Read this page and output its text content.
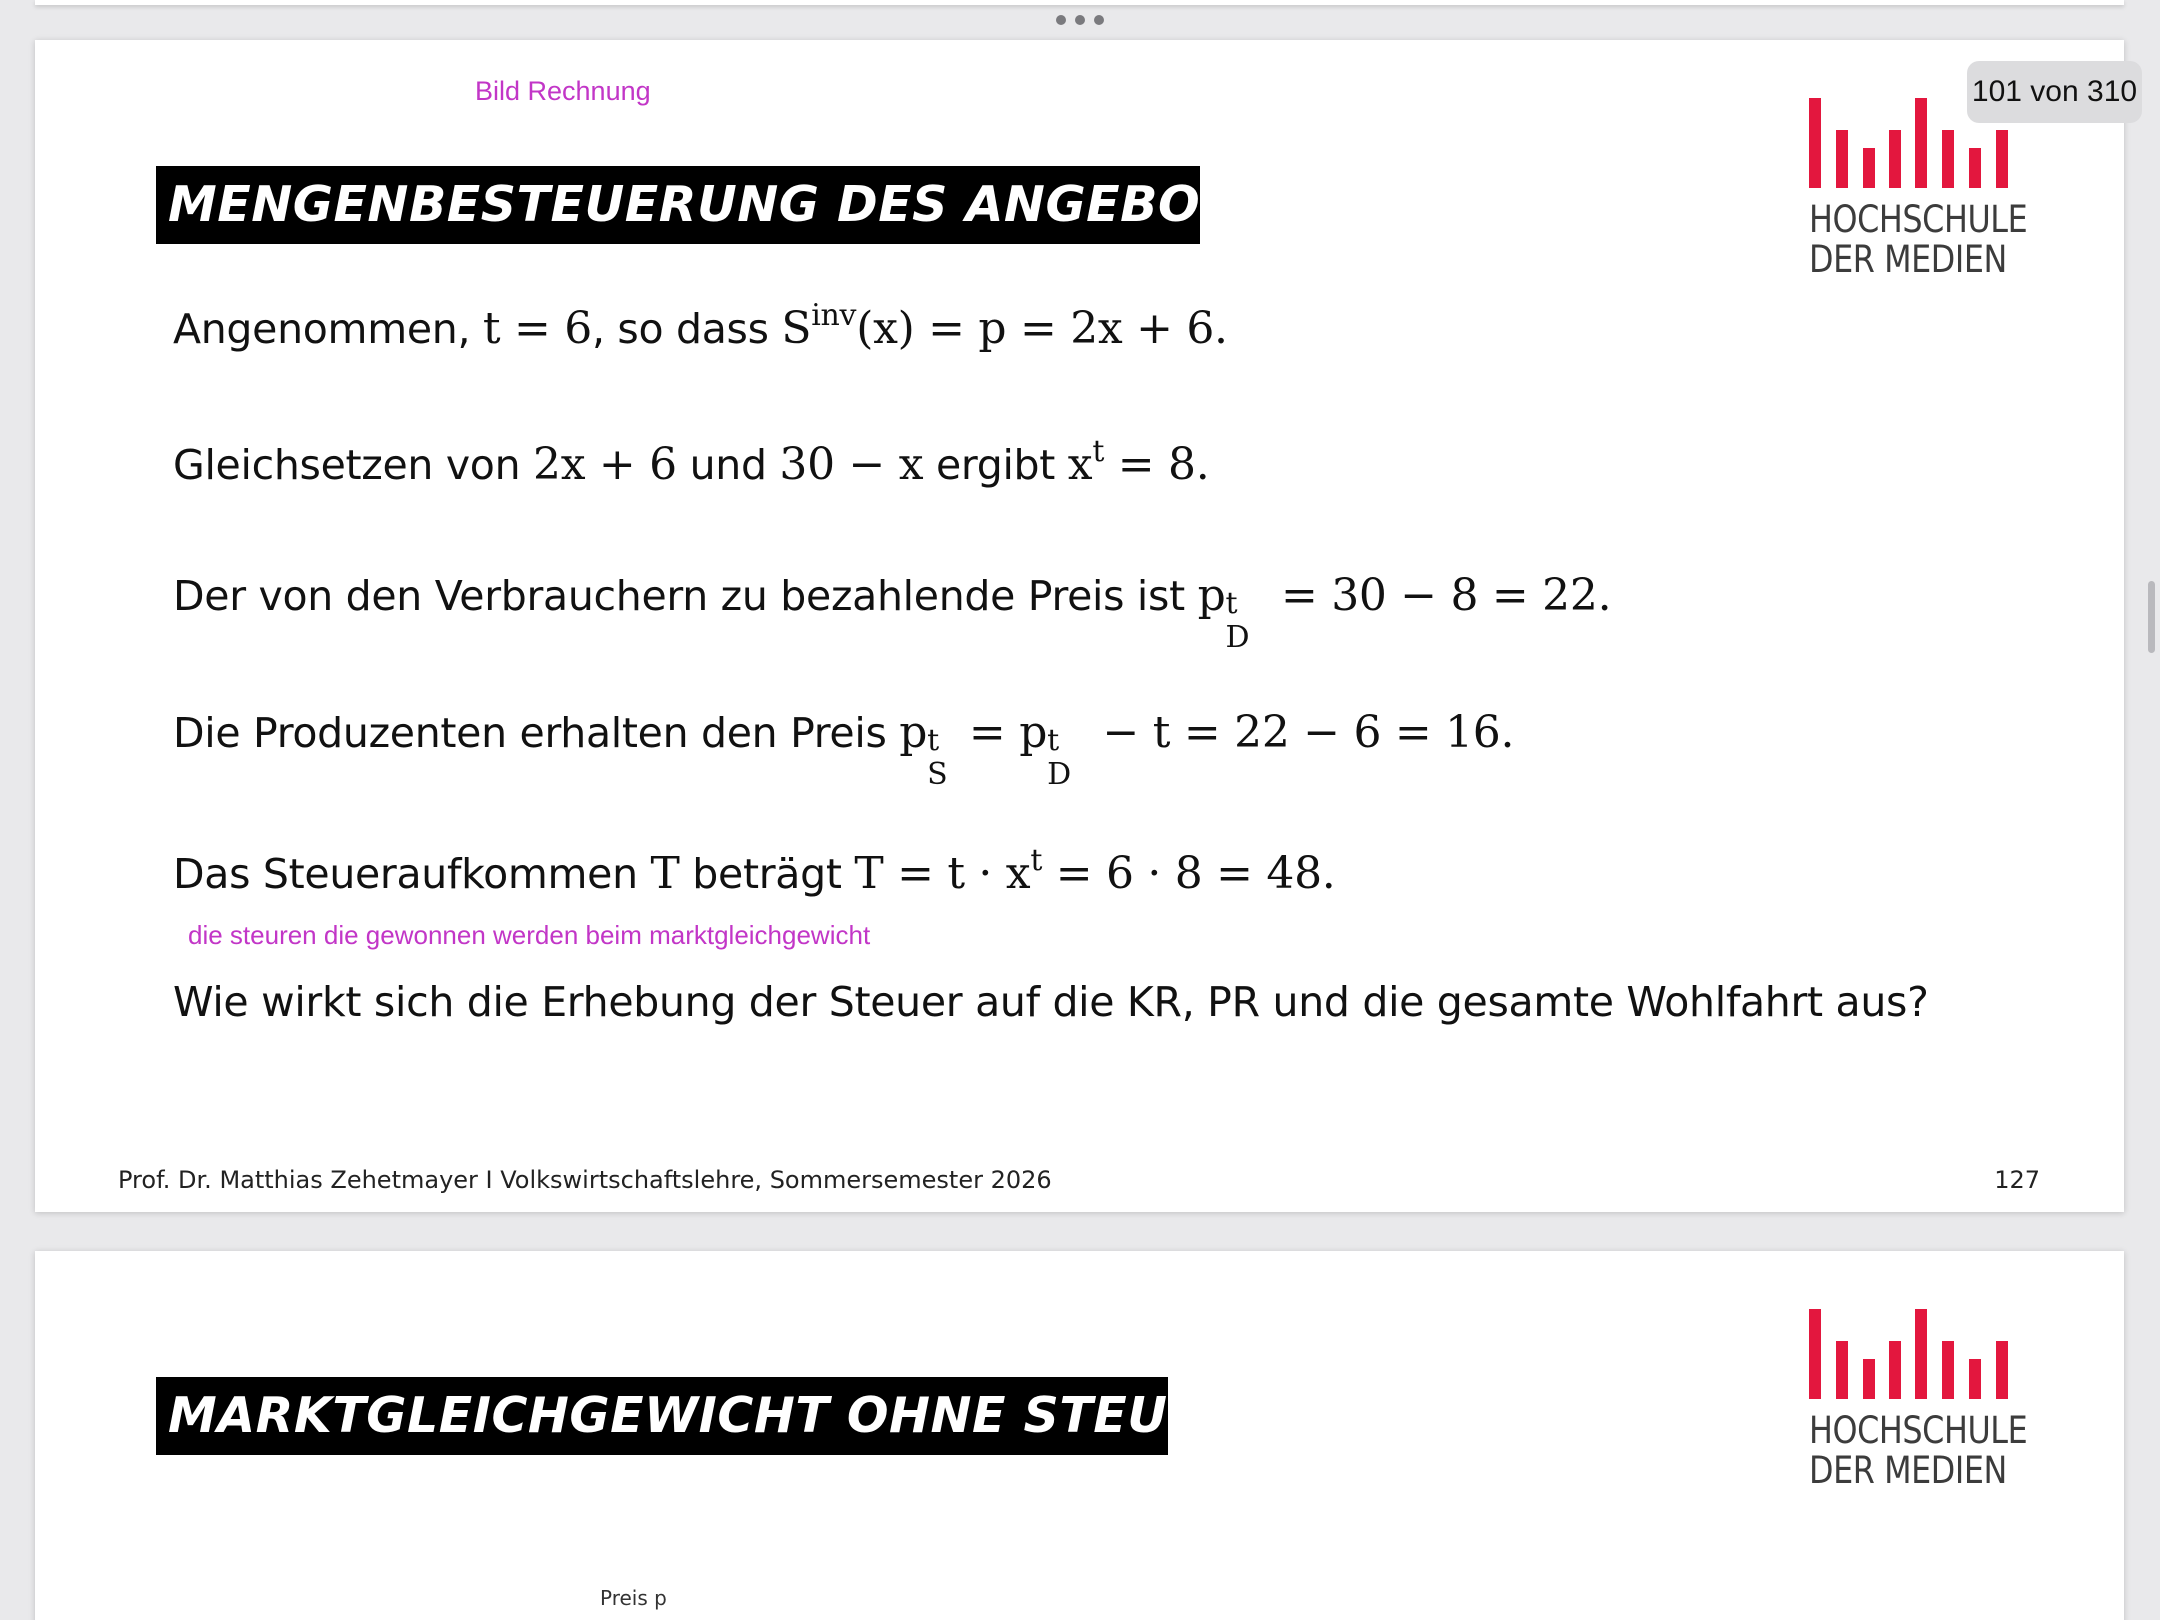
Bild Rechnung
MENGENBESTEUERUNG DES ANGEBOTS II	HOCHSCHULE
DER MEDIEN
Angenommen, t = 6, so dass $S^{inv}(x) = p = 2x + 6$.
Gleichsetzen von 2x + 6 und 30 − x ergibt $x^t = 8$.
Der von den Verbrauchern zu bezahlende Preis ist p t
D
= 30 − 8 = 22.
Die Produzenten erhalten den Preis p t
S
= p t
D
− t = 22 − 6 = 16.
Das Steueraufkommen T beträgt $T = t \cdot x^t = 6 \cdot 8 = 48$.
die steuren die gewonnen werden beim marktgleichgewicht
Wie wirkt sich die Erhebung der Steuer auf die KR, PR und die gesamte Wohlfahrt aus?
Prof. Dr. Matthias Zehetmayer I Volkswirtschaftslehre, Sommersemester 2026	127
MARKTGLEICHGEWICHT OHNE STEUER	HOCHSCHULE
DER MEDIEN
Preis p
101 von 310
